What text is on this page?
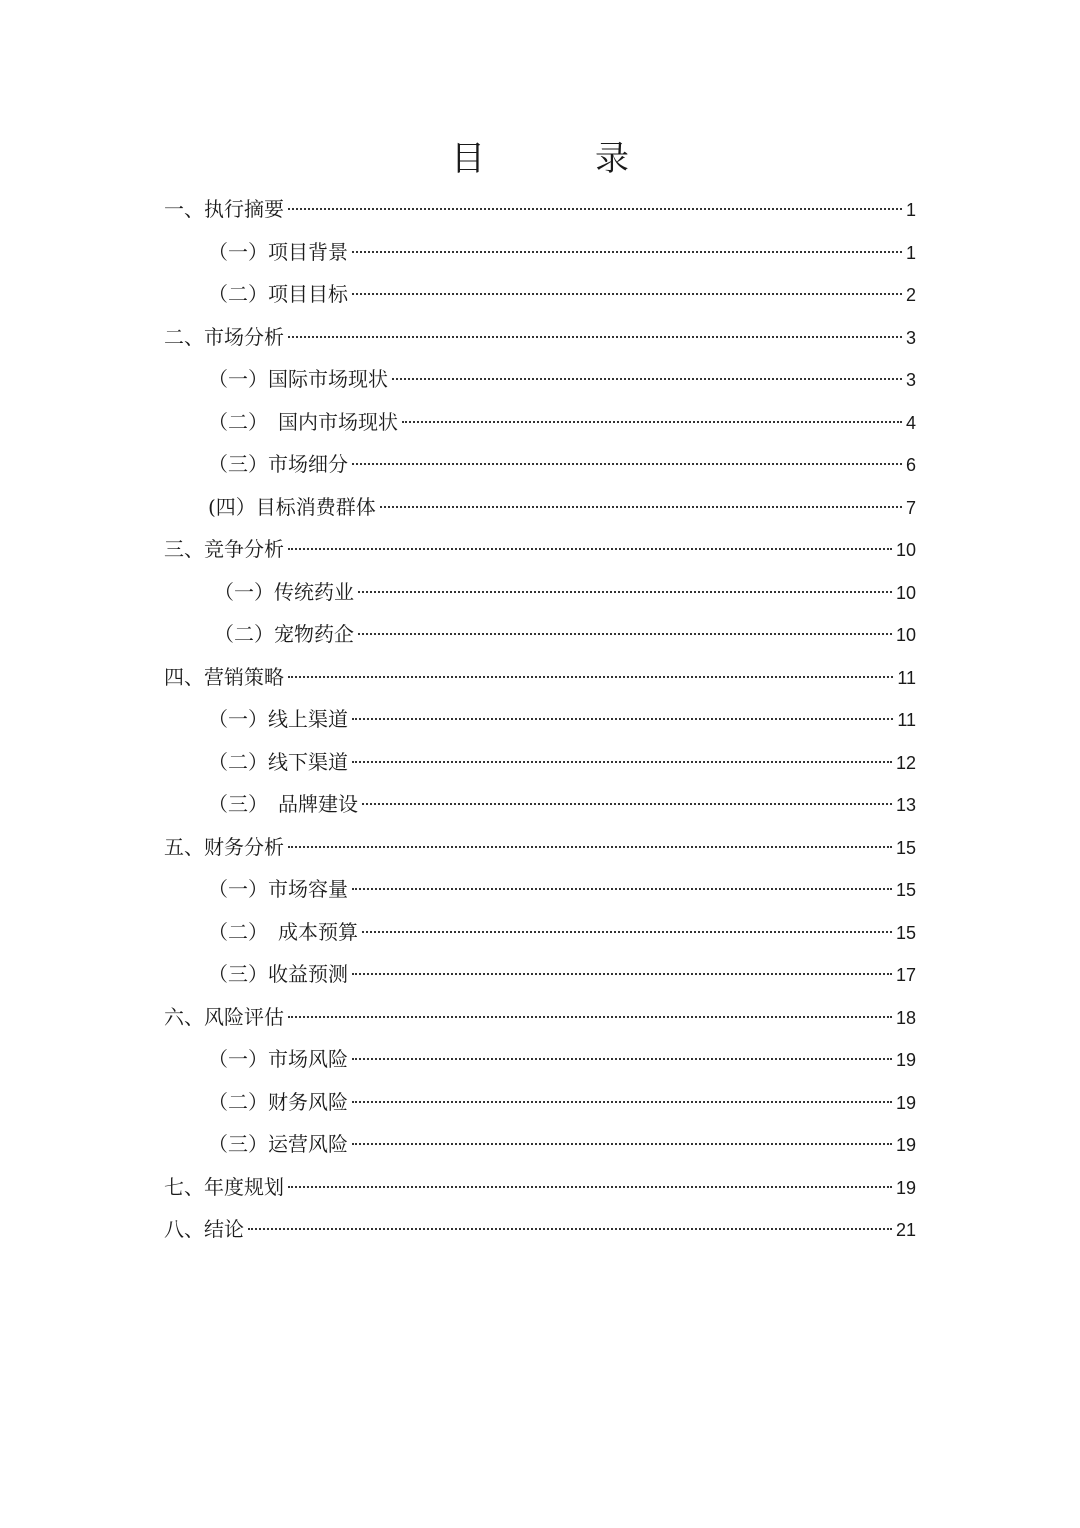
目　录
一、执行摘要	1
（一）项目背景	1
（二）项目目标	2
二、市场分析	3
（一）国际市场现状	3
（二）　国内市场现状	4
（三）市场细分	6
(四）目标消费群体	7
三、竞争分析	10
（一）传统药业	10
（二）宠物药企	10
四、营销策略	11
（一）线上渠道	11
（二）线下渠道	12
（三）　品牌建设	13
五、财务分析	15
（一）市场容量	15
（二）　成本预算	15
（三）收益预测	17
六、风险评估	18
（一）市场风险	19
（二）财务风险	19
（三）运营风险	19
七、年度规划	19
八、结论	21
